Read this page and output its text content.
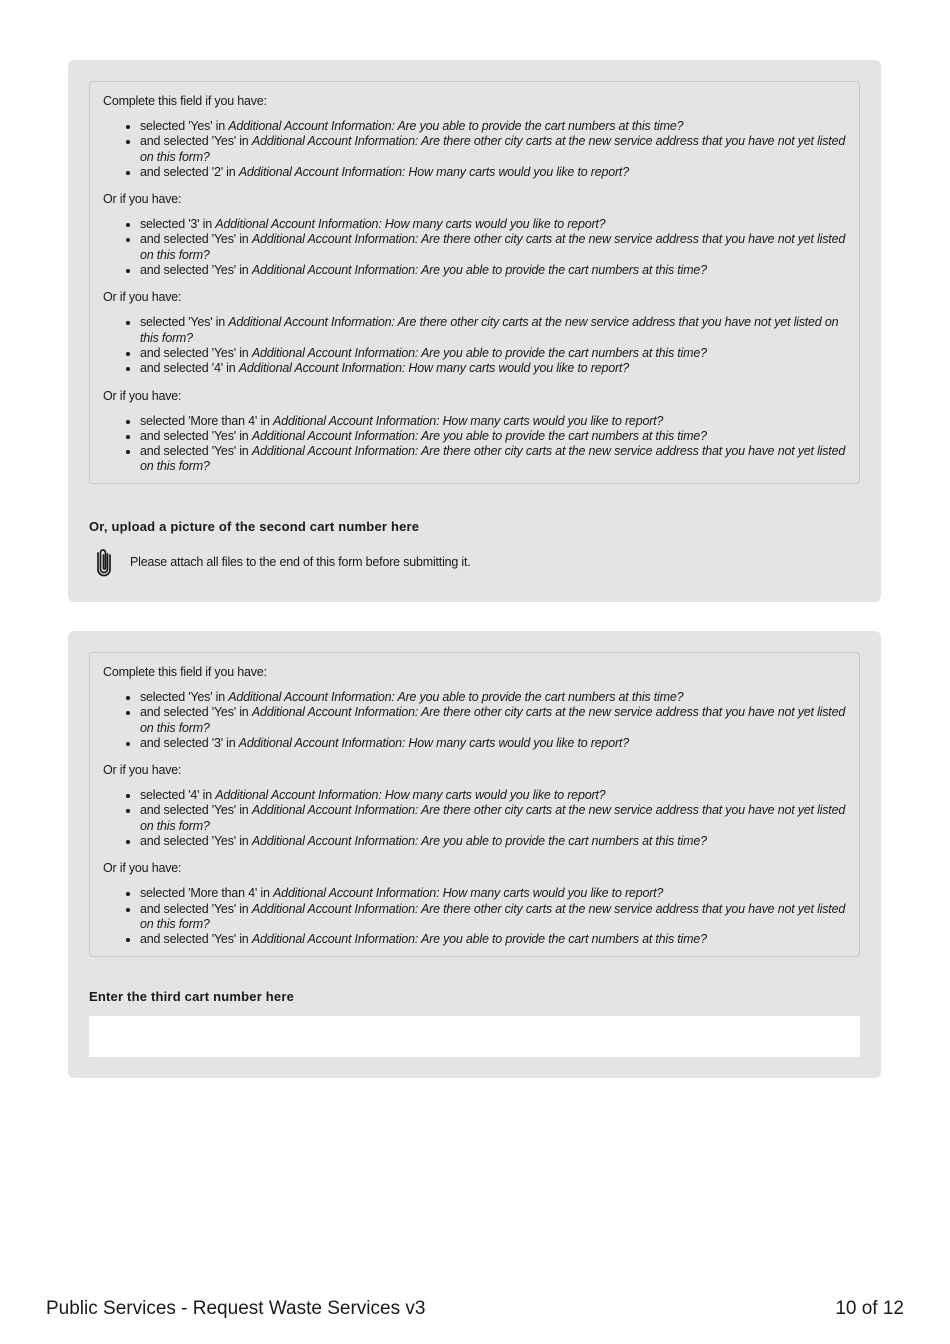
Complete this field if you have:

• selected 'Yes' in Additional Account Information: Are you able to provide the cart numbers at this time?
• and selected 'Yes' in Additional Account Information: Are there other city carts at the new service address that you have not yet listed on this form?
• and selected '2' in Additional Account Information: How many carts would you like to report?

Or if you have:

• selected '3' in Additional Account Information: How many carts would you like to report?
• and selected 'Yes' in Additional Account Information: Are there other city carts at the new service address that you have not yet listed on this form?
• and selected 'Yes' in Additional Account Information: Are you able to provide the cart numbers at this time?

Or if you have:

• selected 'Yes' in Additional Account Information: Are there other city carts at the new service address that you have not yet listed on this form?
• and selected 'Yes' in Additional Account Information: Are you able to provide the cart numbers at this time?
• and selected '4' in Additional Account Information: How many carts would you like to report?

Or if you have:

• selected 'More than 4' in Additional Account Information: How many carts would you like to report?
• and selected 'Yes' in Additional Account Information: Are you able to provide the cart numbers at this time?
• and selected 'Yes' in Additional Account Information: Are there other city carts at the new service address that you have not yet listed on this form?
Or, upload a picture of the second cart number here
Please attach all files to the end of this form before submitting it.

Complete this field if you have:

• selected 'Yes' in Additional Account Information: Are you able to provide the cart numbers at this time?
• and selected 'Yes' in Additional Account Information: Are there other city carts at the new service address that you have not yet listed on this form?
• and selected '3' in Additional Account Information: How many carts would you like to report?

Or if you have:

• selected '4' in Additional Account Information: How many carts would you like to report?
• and selected 'Yes' in Additional Account Information: Are there other city carts at the new service address that you have not yet listed on this form?
• and selected 'Yes' in Additional Account Information: Are you able to provide the cart numbers at this time?

Or if you have:

• selected 'More than 4' in Additional Account Information: How many carts would you like to report?
• and selected 'Yes' in Additional Account Information: Are there other city carts at the new service address that you have not yet listed on this form?
• and selected 'Yes' in Additional Account Information: Are you able to provide the cart numbers at this time?
Enter the third cart number here
Public Services - Request Waste Services v3	10 of 12
